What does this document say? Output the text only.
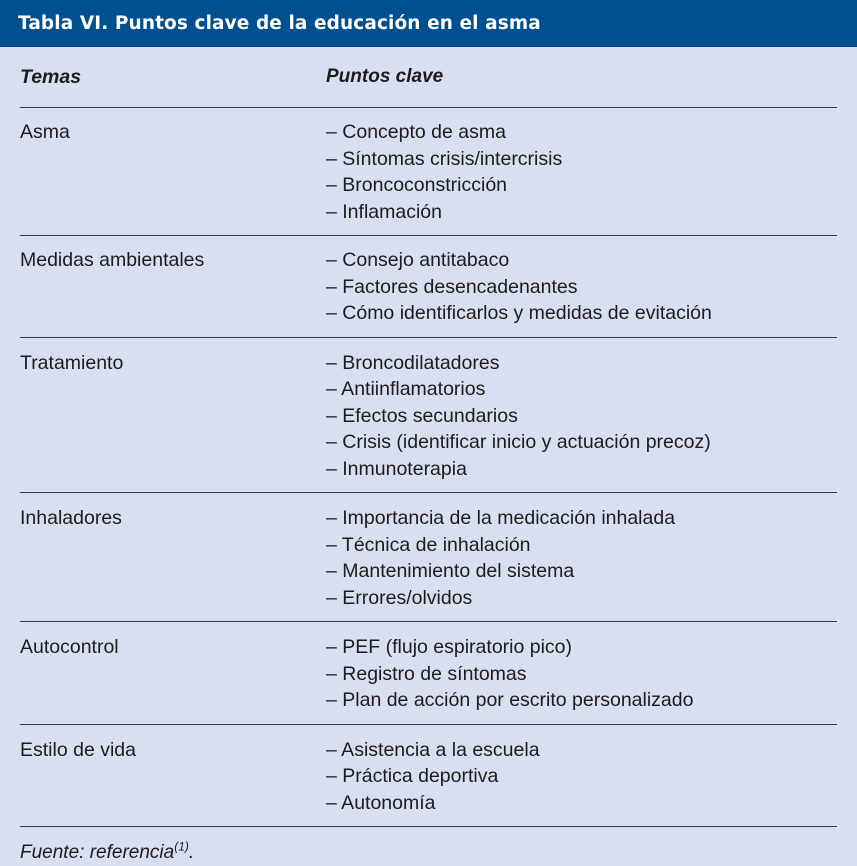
Tabla VI. Puntos clave de la educación en el asma
Temas	Puntos clave
Asma	– Concepto de asma
– Síntomas crisis/intercrisis
– Broncoconstricción
– Inflamación
Medidas ambientales	– Consejo antitabaco
– Factores desencadenantes
– Cómo identificarlos y medidas de evitación
Tratamiento	– Broncodilatadores
– Antiinflamatorios
– Efectos secundarios
– Crisis (identificar inicio y actuación precoz)
– Inmunoterapia
Inhaladores	– Importancia de la medicación inhalada
– Técnica de inhalación
– Mantenimiento del sistema
– Errores/olvidos
Autocontrol	– PEF (flujo espiratorio pico)
– Registro de síntomas
– Plan de acción por escrito personalizado
Estilo de vida	– Asistencia a la escuela
– Práctica deportiva
– Autonomía
Fuente: referencia$^{(1)}$.
